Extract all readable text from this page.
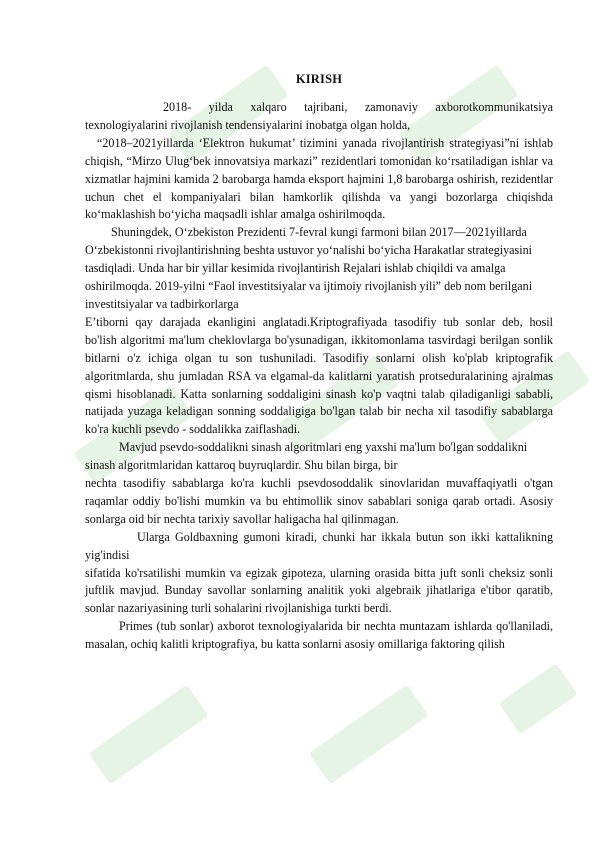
KIRISH

2018- yilda xalqaro tajribani, zamonaviy axborotkommunikatsiya texnologiyalarini rivojlanish tendensiyalarini inobatga olgan holda,

“2018–2021yillarda ‘Elektron hukumat’ tizimini yanada rivojlantirish strategiyasi”ni ishlab chiqish, “Mirzo Ulug‘bek innovatsiya markazi” rezidentlari tomonidan ko‘rsatiladigan ishlar va xizmatlar hajmini kamida 2 barobarga hamda eksport hajmini 1,8 barobarga oshirish, rezidentlar uchun chet el kompaniyalari bilan hamkorlik qilishda va yangi bozorlarga chiqishda ko‘maklashish bo‘yicha maqsadli ishlar amalga oshirilmoqda.

Shuningdek, O‘zbekiston Prezidenti 7-fevral kungi farmoni bilan 2017—2021yillarda O‘zbekistonni rivojlantirishning beshta ustuvor yo‘nalishi bo‘yicha Harakatlar strategiyasini tasdiqladi. Unda har bir yillar kesimida rivojlantirish Rejalari ishlab chiqildi va amalga oshirilmoqda. 2019-yilni “Faol investitsiyalar va ijtimoiy rivojlanish yili” deb nom berilgani investitsiyalar va tadbirkorlarga

E’tiborni qay darajada ekanligini anglatadi.Kriptografiyada tasodifiy tub sonlar deb, hosil bo'lish algoritmi ma'lum cheklovlarga bo'ysunadigan, ikkitomonlama tasvirdagi berilgan sonlik bitlarni o'z ichiga olgan tu son tushuniladi. Tasodifiy sonlarni olish ko'plab kriptografik algoritmlarda, shu jumladan RSA va elgamal-da kalitlarni yaratish protseduralarining ajralmas qismi hisoblanadi. Katta sonlarning soddaligini sinash ko'p vaqtni talab qiladiganligi sababli, natijada yuzaga keladigan sonning soddaligiga bo'lgan talab bir necha xil tasodifiy sabablarga ko'ra kuchli psevdo - soddalikka zaiflashadi.

Mavjud psevdo-soddalikni sinash algoritmlari eng yaxshi ma'lum bo'lgan soddalikni sinash algoritmlaridan kattaroq buyruqlardir. Shu bilan birga, bir

nechta tasodifiy sabablarga ko'ra kuchli psevdosoddalik sinovlaridan muvaffaqiyatli o'tgan raqamlar oddiy bo'lishi mumkin va bu ehtimollik sinov sabablari soniga qarab ortadi. Asosiy sonlarga oid bir nechta tarixiy savollar haligacha hal qilinmagan.

Ularga Goldbaxning gumoni kiradi, chunki har ikkala butun son ikki kattalikning yig'indisi

sifatida ko'rsatilishi mumkin va egizak gipoteza, ularning orasida bitta juft sonli cheksiz sonli juftlik mavjud. Bunday savollar sonlarning analitik yoki algebraik jihatlariga e'tibor qaratib, sonlar nazariyasining turli sohalarini rivojlanishiga turkti berdi.

Primes (tub sonlar) axborot texnologiyalarida bir nechta muntazam ishlarda qo'llaniladi, masalan, ochiq kalitli kriptografiya, bu katta sonlarni asosiy omillariga faktoring qilish
